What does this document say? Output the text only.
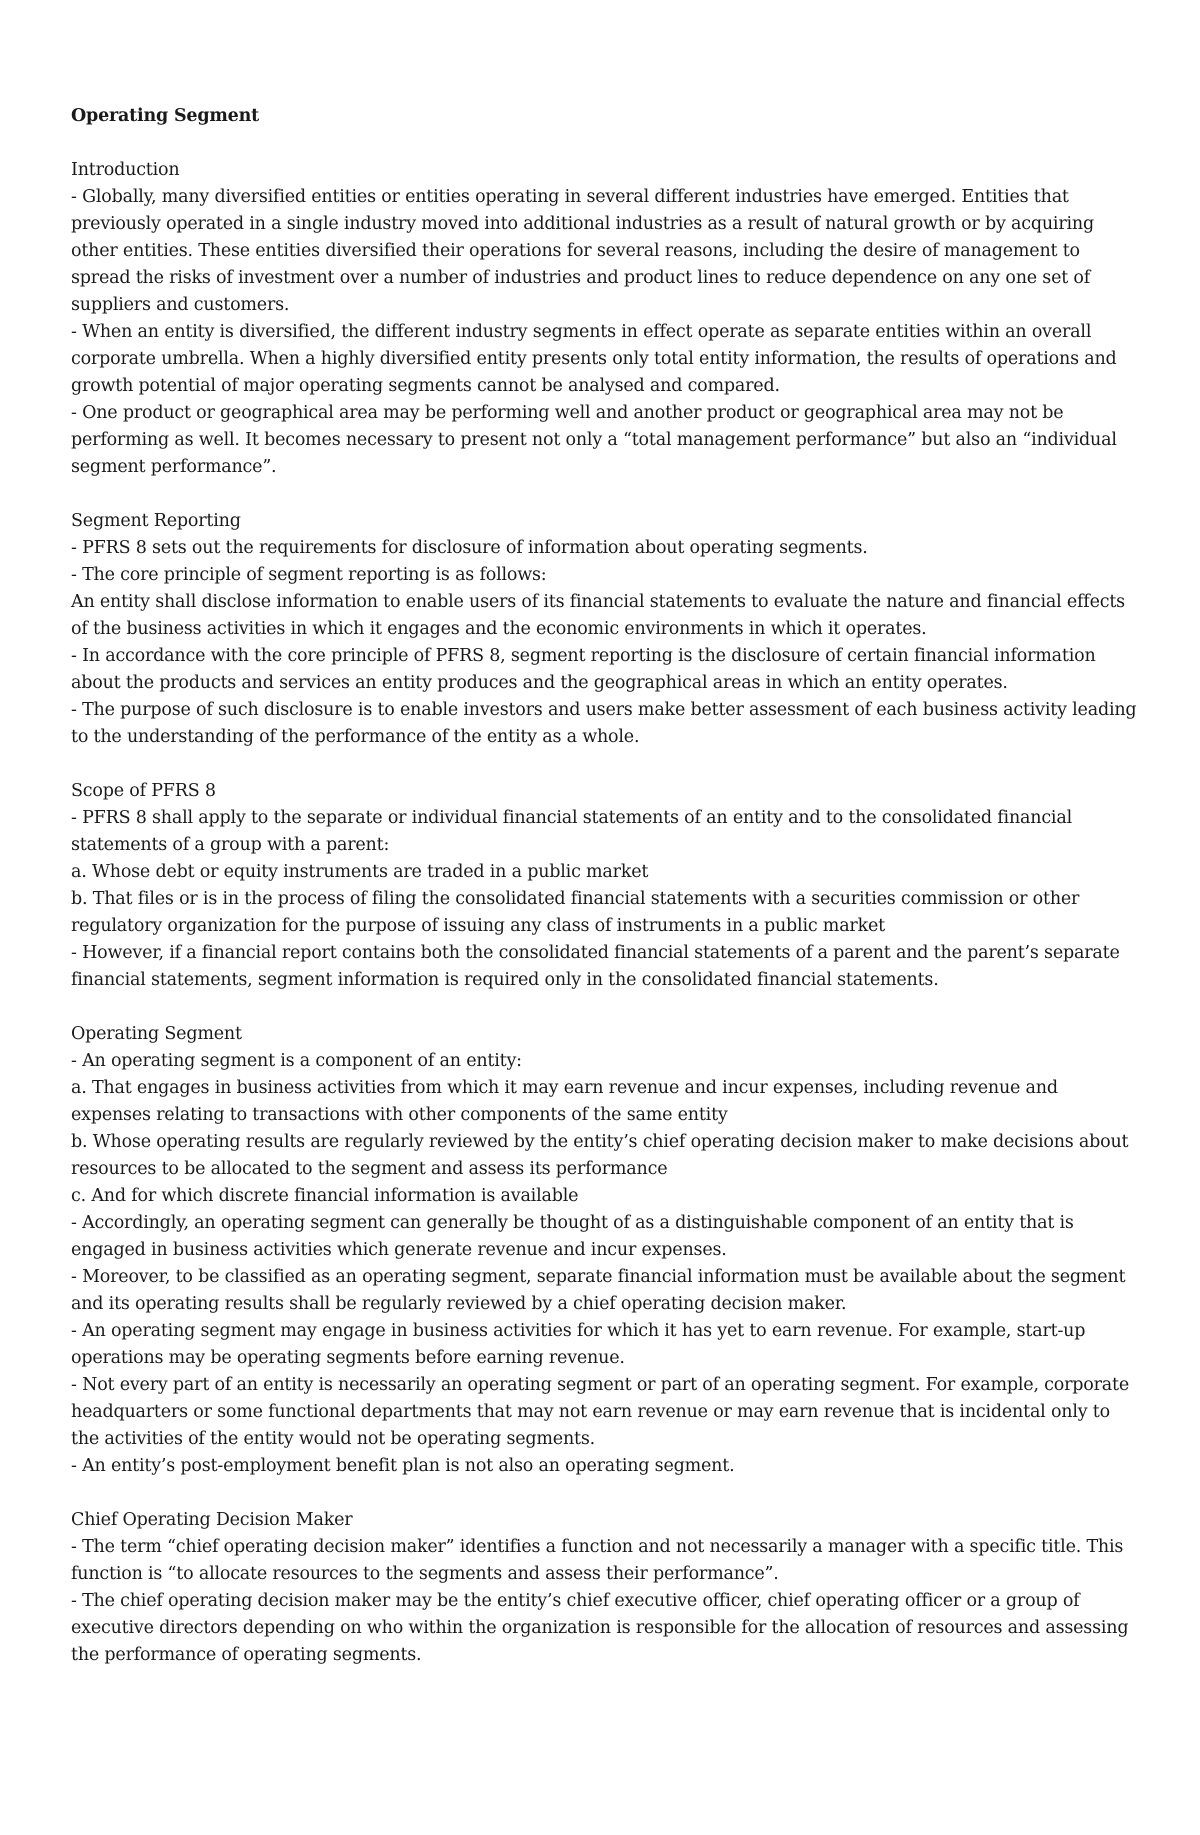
Operating Segment

Introduction

- Globally, many diversified entities or entities operating in several different industries have emerged. Entities that previously operated in a single industry moved into additional industries as a result of natural growth or by acquiring other entities. These entities diversified their operations for several reasons, including the desire of management to spread the risks of investment over a number of industries and product lines to reduce dependence on any one set of suppliers and customers.

- When an entity is diversified, the different industry segments in effect operate as separate entities within an overall corporate umbrella. When a highly diversified entity presents only total entity information, the results of operations and growth potential of major operating segments cannot be analysed and compared.

- One product or geographical area may be performing well and another product or geographical area may not be performing as well. It becomes necessary to present not only a “total management performance” but also an “individual segment performance”.

Segment Reporting

- PFRS 8 sets out the requirements for disclosure of information about operating segments.

- The core principle of segment reporting is as follows:

An entity shall disclose information to enable users of its financial statements to evaluate the nature and financial effects of the business activities in which it engages and the economic environments in which it operates.

- In accordance with the core principle of PFRS 8, segment reporting is the disclosure of certain financial information about the products and services an entity produces and the geographical areas in which an entity operates.

- The purpose of such disclosure is to enable investors and users make better assessment of each business activity leading to the understanding of the performance of the entity as a whole.

Scope of PFRS 8

- PFRS 8 shall apply to the separate or individual financial statements of an entity and to the consolidated financial statements of a group with a parent:

a. Whose debt or equity instruments are traded in a public market

b. That files or is in the process of filing the consolidated financial statements with a securities commission or other regulatory organization for the purpose of issuing any class of instruments in a public market

- However, if a financial report contains both the consolidated financial statements of a parent and the parent’s separate financial statements, segment information is required only in the consolidated financial statements.

Operating Segment

- An operating segment is a component of an entity:

a. That engages in business activities from which it may earn revenue and incur expenses, including revenue and expenses relating to transactions with other components of the same entity

b. Whose operating results are regularly reviewed by the entity’s chief operating decision maker to make decisions about resources to be allocated to the segment and assess its performance

c. And for which discrete financial information is available

- Accordingly, an operating segment can generally be thought of as a distinguishable component of an entity that is engaged in business activities which generate revenue and incur expenses.

- Moreover, to be classified as an operating segment, separate financial information must be available about the segment and its operating results shall be regularly reviewed by a chief operating decision maker.

- An operating segment may engage in business activities for which it has yet to earn revenue. For example, start-up operations may be operating segments before earning revenue.

- Not every part of an entity is necessarily an operating segment or part of an operating segment. For example, corporate headquarters or some functional departments that may not earn revenue or may earn revenue that is incidental only to the activities of the entity would not be operating segments.

- An entity’s post-employment benefit plan is not also an operating segment.

Chief Operating Decision Maker

- The term “chief operating decision maker” identifies a function and not necessarily a manager with a specific title. This function is “to allocate resources to the segments and assess their performance”.

- The chief operating decision maker may be the entity’s chief executive officer, chief operating officer or a group of executive directors depending on who within the organization is responsible for the allocation of resources and assessing the performance of operating segments.
